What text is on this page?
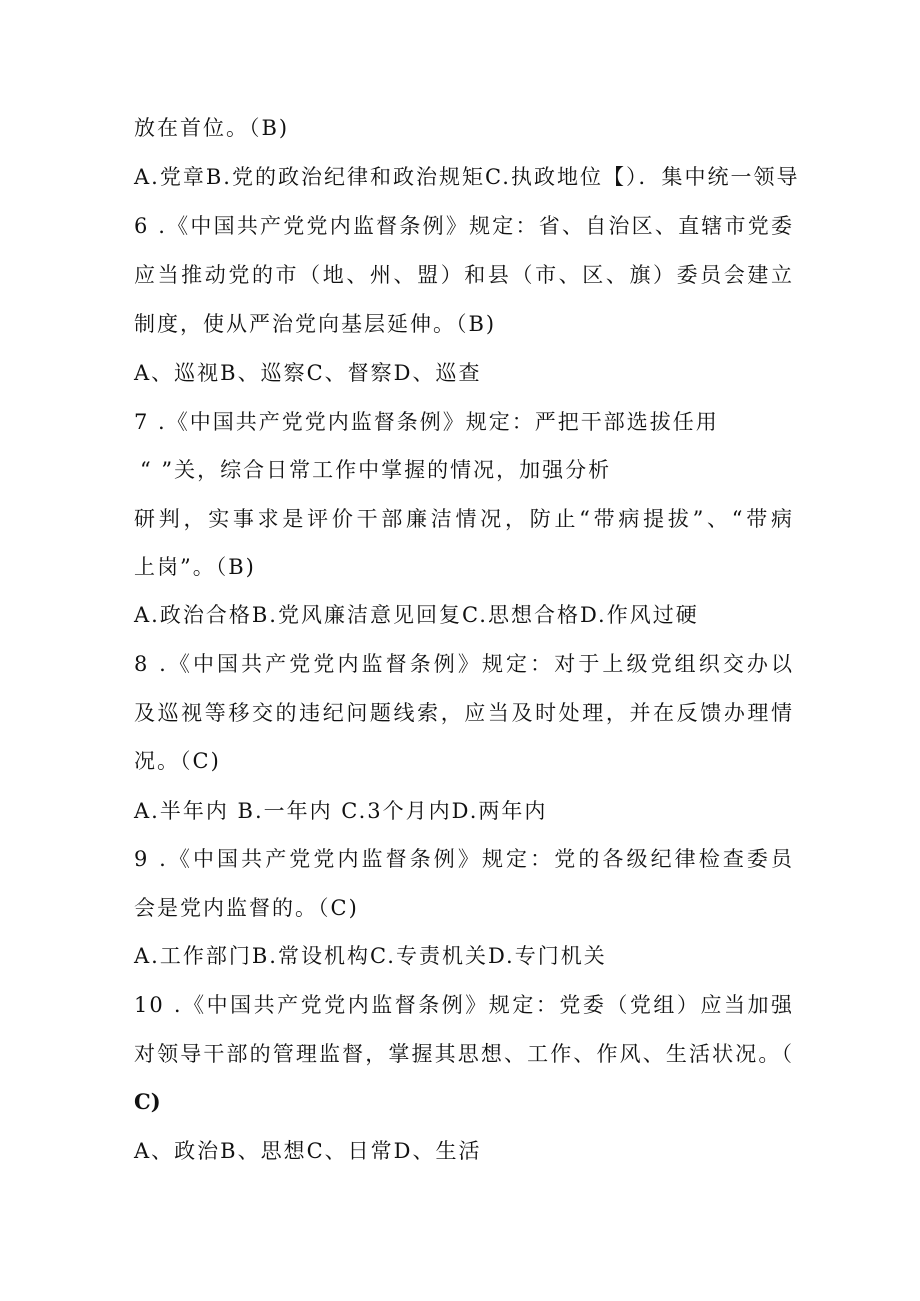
放在首位。（B)
A.党章B.党的政治纪律和政治规矩C.执政地位【）．集中统一领导
6 .《中国共产党党内监督条例》规定：省、自治区、直辖市党委
应当推动党的市（地、州、盟）和县（市、区、旗）委员会建立
制度，使从严治党向基层延伸。（B)
A、巡视B、巡察C、督察D、巡查
7 .《中国共产党党内监督条例》规定：严把干部选拔任用
“ ”关，综合日常工作中掌握的情况，加强分析
研判，实事求是评价干部廉洁情况，防止“带病提拔”、“带病
上岗”。（B)
A.政治合格B.党风廉洁意见回复C.思想合格D.作风过硬
8 .《中国共产党党内监督条例》规定：对于上级党组织交办以
及巡视等移交的违纪问题线索，应当及时处理，并在反馈办理情
况。（C)
A.半年内 B.一年内 C.3个月内D.两年内
9 .《中国共产党党内监督条例》规定：党的各级纪律检查委员
会是党内监督的。（C)
A.工作部门B.常设机构C.专责机关D.专门机关
10 .《中国共产党党内监督条例》规定：党委（党组）应当加强
对领导干部的管理监督，掌握其思想、工作、作风、生活状况。（
C)
A、政治B、思想C、日常D、生活
